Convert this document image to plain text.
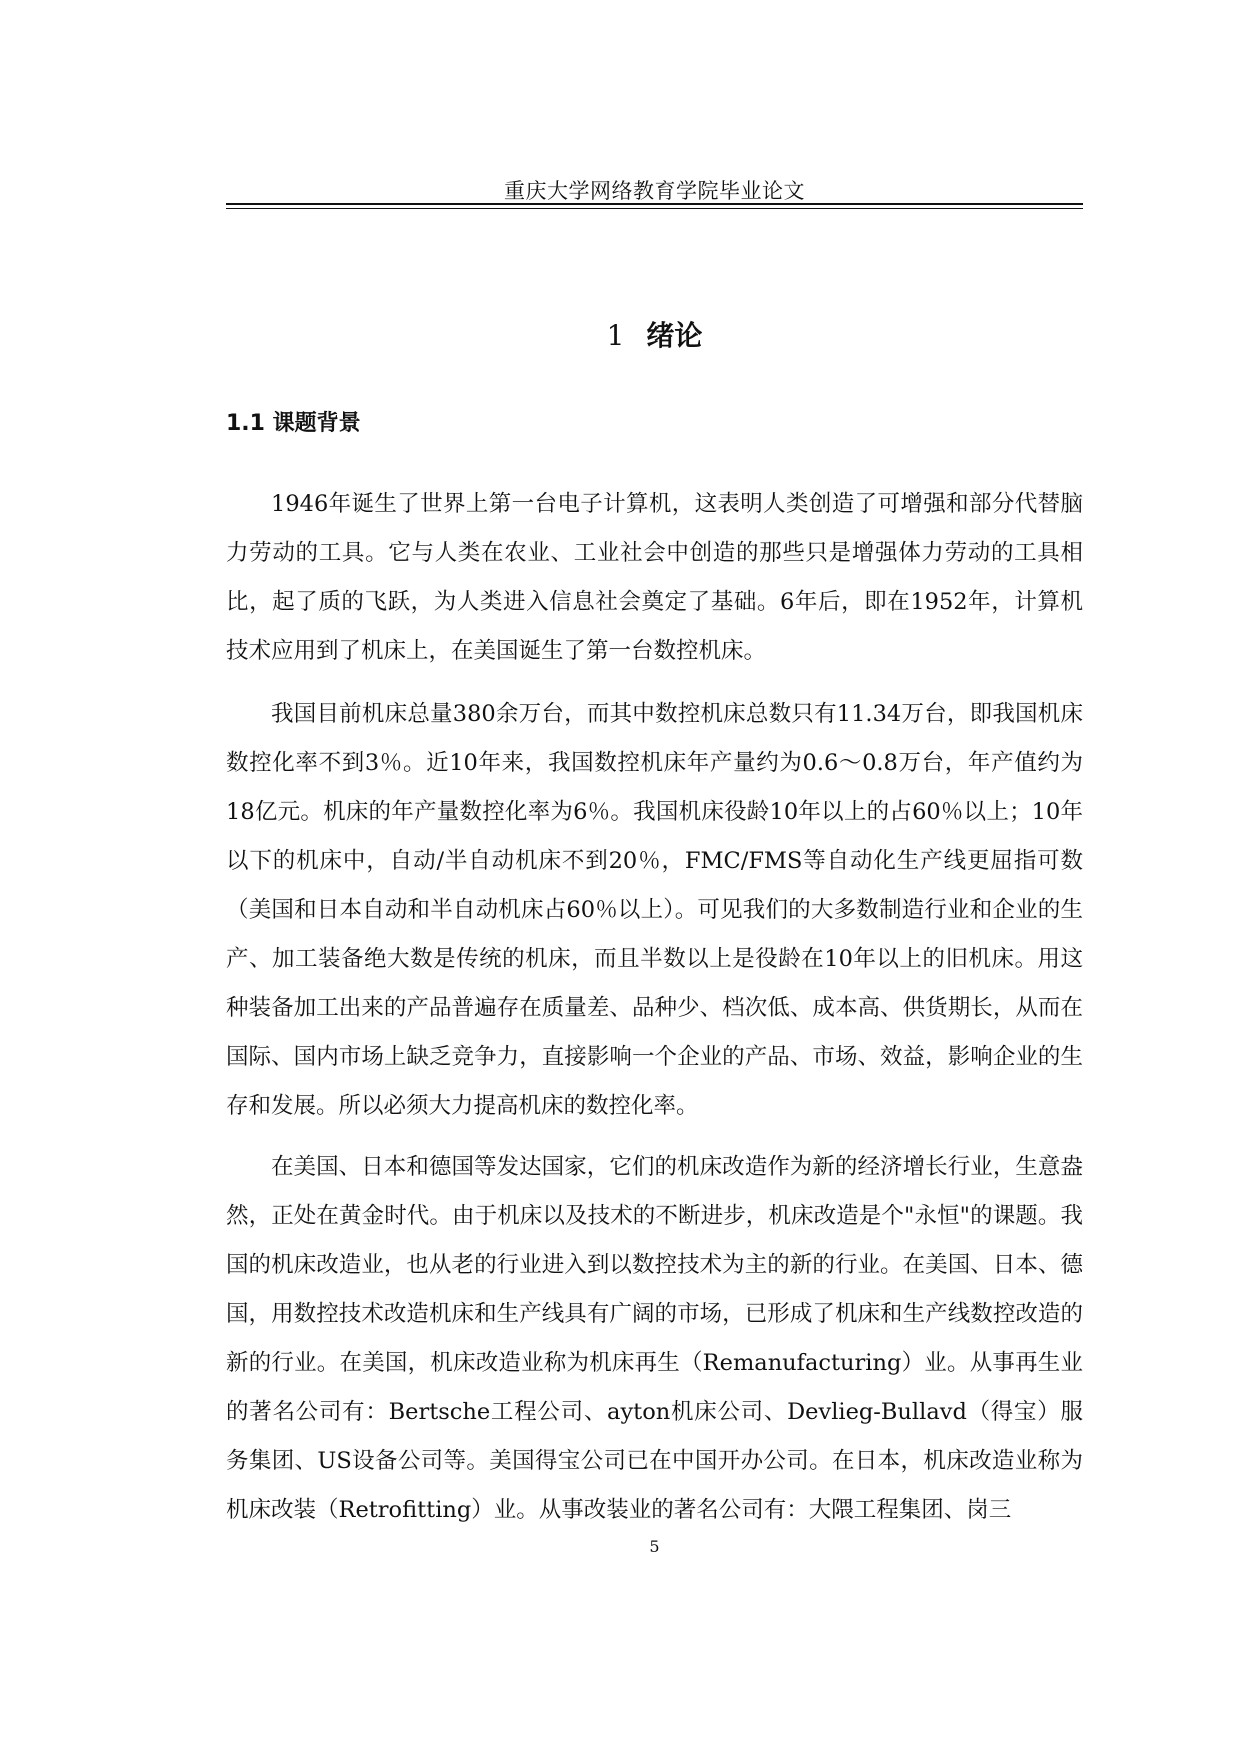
重庆大学网络教育学院毕业论文
1 绪论
1.1 课题背景

1946年诞生了世界上第一台电子计算机，这表明人类创造了可增强和部分代替脑力劳动的工具。它与人类在农业、工业社会中创造的那些只是增强体力劳动的工具相比，起了质的飞跃，为人类进入信息社会奠定了基础。6年后，即在1952年，计算机技术应用到了机床上，在美国诞生了第一台数控机床。

我国目前机床总量380余万台，而其中数控机床总数只有11.34万台，即我国机床数控化率不到3％。近10年来，我国数控机床年产量约为0.6～0.8万台，年产值约为18亿元。机床的年产量数控化率为6％。我国机床役龄10年以上的占60％以上；10年以下的机床中，自动/半自动机床不到20％，FMC/FMS等自动化生产线更屈指可数（美国和日本自动和半自动机床占60％以上）。可见我们的大多数制造行业和企业的生产、加工装备绝大数是传统的机床，而且半数以上是役龄在10年以上的旧机床。用这种装备加工出来的产品普遍存在质量差、品种少、档次低、成本高、供货期长，从而在国际、国内市场上缺乏竞争力，直接影响一个企业的产品、市场、效益，影响企业的生存和发展。所以必须大力提高机床的数控化率。

在美国、日本和德国等发达国家，它们的机床改造作为新的经济增长行业，生意盎然，正处在黄金时代。由于机床以及技术的不断进步，机床改造是个"永恒"的课题。我国的机床改造业，也从老的行业进入到以数控技术为主的新的行业。在美国、日本、德国，用数控技术改造机床和生产线具有广阔的市场，已形成了机床和生产线数控改造的新的行业。在美国，机床改造业称为机床再生（Remanufacturing）业。从事再生业的著名公司有：Bertsche工程公司、ayton机床公司、Devlieg-Bullavd（得宝）服务集团、US设备公司等。美国得宝公司已在中国开办公司。在日本，机床改造业称为机床改装（Retrofitting）业。从事改装业的著名公司有：大隈工程集团、岗三

5
